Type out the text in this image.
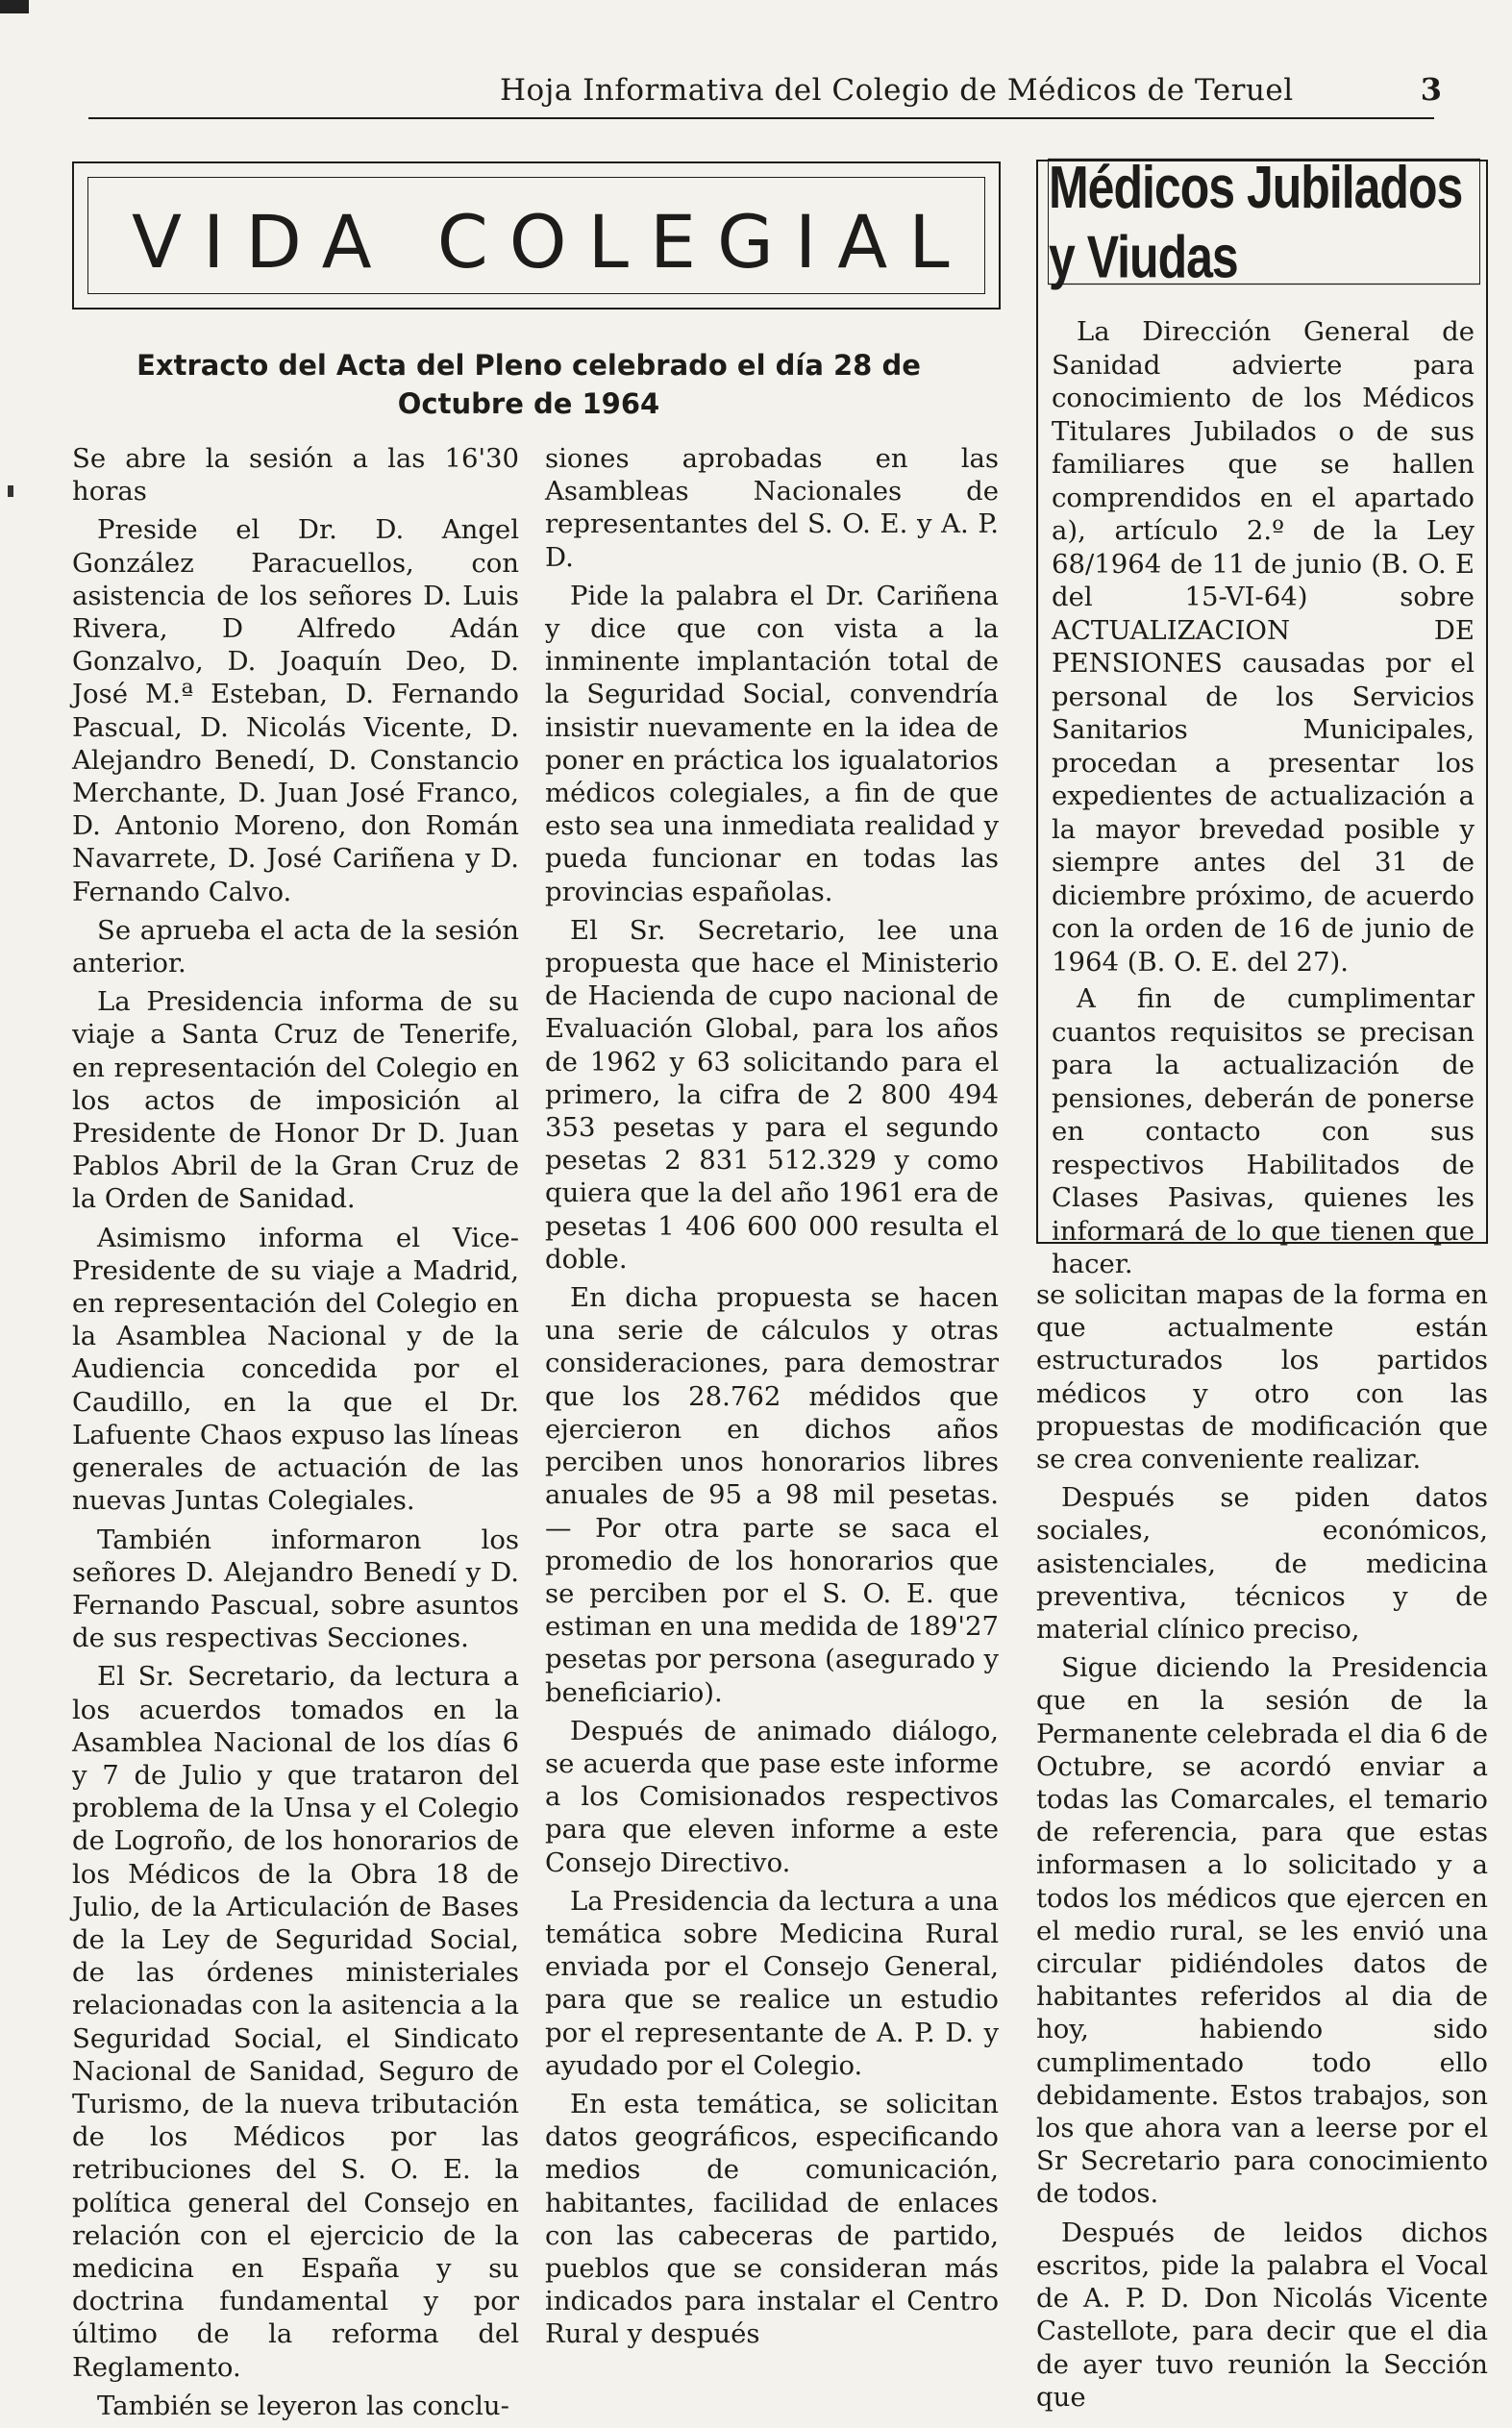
Hoja Informativa del Colegio de Médicos de Teruel	3
VIDA COLEGIAL
Extracto del Acta del Pleno celebrado el día 28 de Octubre de 1964

Se abre la sesión a las 16'30 horas

Preside el Dr. D. Angel González Paracuellos, con asistencia de los señores D. Luis Rivera, D Alfredo Adán Gonzalvo, D. Joaquín Deo, D. José M.ª Esteban, D. Fernando Pascual, D. Nicolás Vicente, D. Alejandro Benedí, D. Constancio Merchante, D. Juan José Franco, D. Antonio Moreno, don Román Navarrete, D. José Cariñena y D. Fernando Calvo.

Se aprueba el acta de la sesión anterior.

La Presidencia informa de su viaje a Santa Cruz de Tenerife, en representación del Colegio en los actos de imposición al Presidente de Honor Dr D. Juan Pablos Abril de la Gran Cruz de la Orden de Sanidad.

Asimismo informa el Vice-Presidente de su viaje a Madrid, en representación del Colegio en la Asamblea Nacional y de la Audiencia concedida por el Caudillo, en la que el Dr. Lafuente Chaos expuso las líneas generales de actuación de las nuevas Juntas Colegiales.

También informaron los señores D. Alejandro Benedí y D. Fernando Pascual, sobre asuntos de sus respectivas Secciones.

El Sr. Secretario, da lectura a los acuerdos tomados en la Asamblea Nacional de los días 6 y 7 de Julio y que trataron del problema de la Unsa y el Colegio de Logroño, de los honorarios de los Médicos de la Obra 18 de Julio, de la Articulación de Bases de la Ley de Seguridad Social, de las órdenes ministeriales relacionadas con la asitencia a la Seguridad Social, el Sindicato Nacional de Sanidad, Seguro de Turismo, de la nueva tributación de los Médicos por las retribuciones del S. O. E. la política general del Consejo en relación con el ejercicio de la medicina en España y su doctrina fundamental y por último de la reforma del Reglamento.

También se leyeron las conclu-

siones aprobadas en las Asambleas Nacionales de representantes del S. O. E. y A. P. D.

Pide la palabra el Dr. Cariñena y dice que con vista a la inminente implantación total de la Seguridad Social, convendría insistir nuevamente en la idea de poner en práctica los igualatorios médicos colegiales, a fin de que esto sea una inmediata realidad y pueda funcionar en todas las provincias españolas.

El Sr. Secretario, lee una propuesta que hace el Ministerio de Hacienda de cupo nacional de Evaluación Global, para los años de 1962 y 63 solicitando para el primero, la cifra de 2 800 494 353 pesetas y para el segundo pesetas 2 831 512.329 y como quiera que la del año 1961 era de pesetas 1 406 600 000 resulta el doble.

En dicha propuesta se hacen una serie de cálculos y otras consideraciones, para demostrar que los 28.762 médidos que ejercieron en dichos años perciben unos honorarios libres anuales de 95 a 98 mil pesetas. — Por otra parte se saca el promedio de los honorarios que se perciben por el S. O. E. que estiman en una medida de 189'27 pesetas por persona (asegurado y beneficiario).

Después de animado diálogo, se acuerda que pase este informe a los Comisionados respectivos para que eleven informe a este Consejo Directivo.

La Presidencia da lectura a una temática sobre Medicina Rural enviada por el Consejo General, para que se realice un estudio por el representante de A. P. D. y ayudado por el Colegio.

En esta temática, se solicitan datos geográficos, especificando medios de comunicación, habitantes, facilidad de enlaces con las cabeceras de partido, pueblos que se consideran más indicados para instalar el Centro Rural y después

Médicos Jubilados y Viudas

La Dirección General de Sanidad advierte para conocimiento de los Médicos Titulares Jubilados o de sus familiares que se hallen comprendidos en el apartado a), artículo 2.º de la Ley 68/1964 de 11 de junio (B. O. E del 15-VI-64) sobre ACTUALIZACION DE PENSIONES causadas por el personal de los Servicios Sanitarios Municipales, procedan a presentar los expedientes de actualización a la mayor brevedad posible y siempre antes del 31 de diciembre próximo, de acuerdo con la orden de 16 de junio de 1964 (B. O. E. del 27).

A fin de cumplimentar cuantos requisitos se precisan para la actualización de pensiones, deberán de ponerse en contacto con sus respectivos Habilitados de Clases Pasivas, quienes les informará de lo que tienen que hacer.

se solicitan mapas de la forma en que actualmente están estructurados los partidos médicos y otro con las propuestas de modificación que se crea conveniente realizar.

Después se piden datos sociales, económicos, asistenciales, de medicina preventiva, técnicos y de material clínico preciso,

Sigue diciendo la Presidencia que en la sesión de la Permanente celebrada el dia 6 de Octubre, se acordó enviar a todas las Comarcales, el temario de referencia, para que estas informasen a lo solicitado y a todos los médicos que ejercen en el medio rural, se les envió una circular pidiéndoles datos de habitantes referidos al dia de hoy, habiendo sido cumplimentado todo ello debidamente. Estos trabajos, son los que ahora van a leerse por el Sr Secretario para conocimiento de todos.

Después de leidos dichos escritos, pide la palabra el Vocal de A. P. D. Don Nicolás Vicente Castellote, para decir que el dia de ayer tuvo reunión la Sección que
